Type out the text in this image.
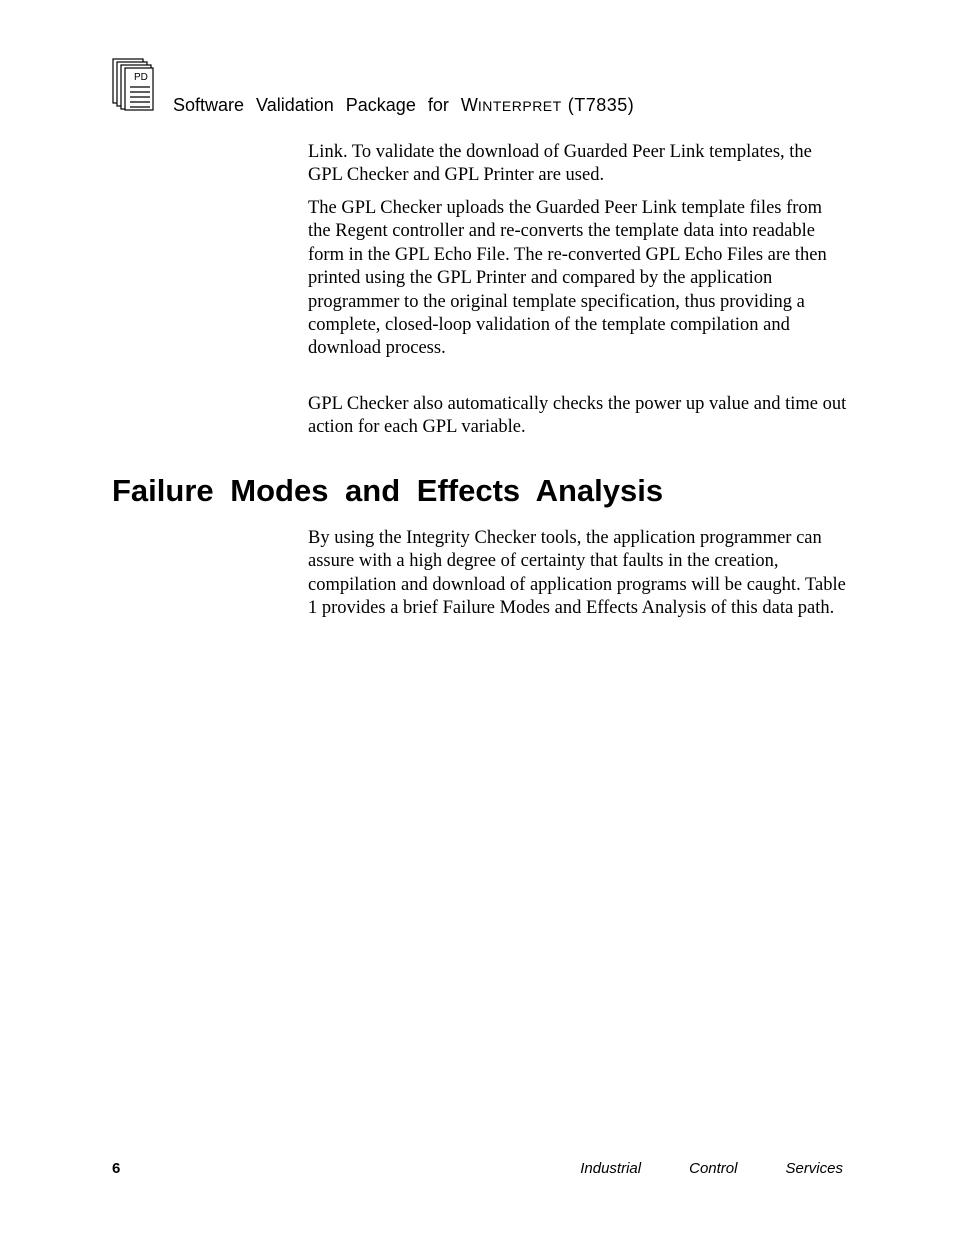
PD
Software Validation Package for WINTERPRET (T7835)

Link. To validate the download of Guarded Peer Link templates, the GPL Checker and GPL Printer are used.

The GPL Checker uploads the Guarded Peer Link template files from the Regent controller and re-converts the template data into readable form in the GPL Echo File. The re-converted GPL Echo Files are then printed using the GPL Printer and compared by the application programmer to the original template specification, thus providing a complete, closed-loop validation of the template compilation and download process.

GPL Checker also automatically checks the power up value and time out action for each GPL variable.

Failure Modes and Effects Analysis

By using the Integrity Checker tools, the application programmer can assure with a high degree of certainty that faults in the creation, compilation and download of application programs will be caught. Table 1 provides a brief Failure Modes and Effects Analysis of this data path.

6	Industrial	Control	Services
